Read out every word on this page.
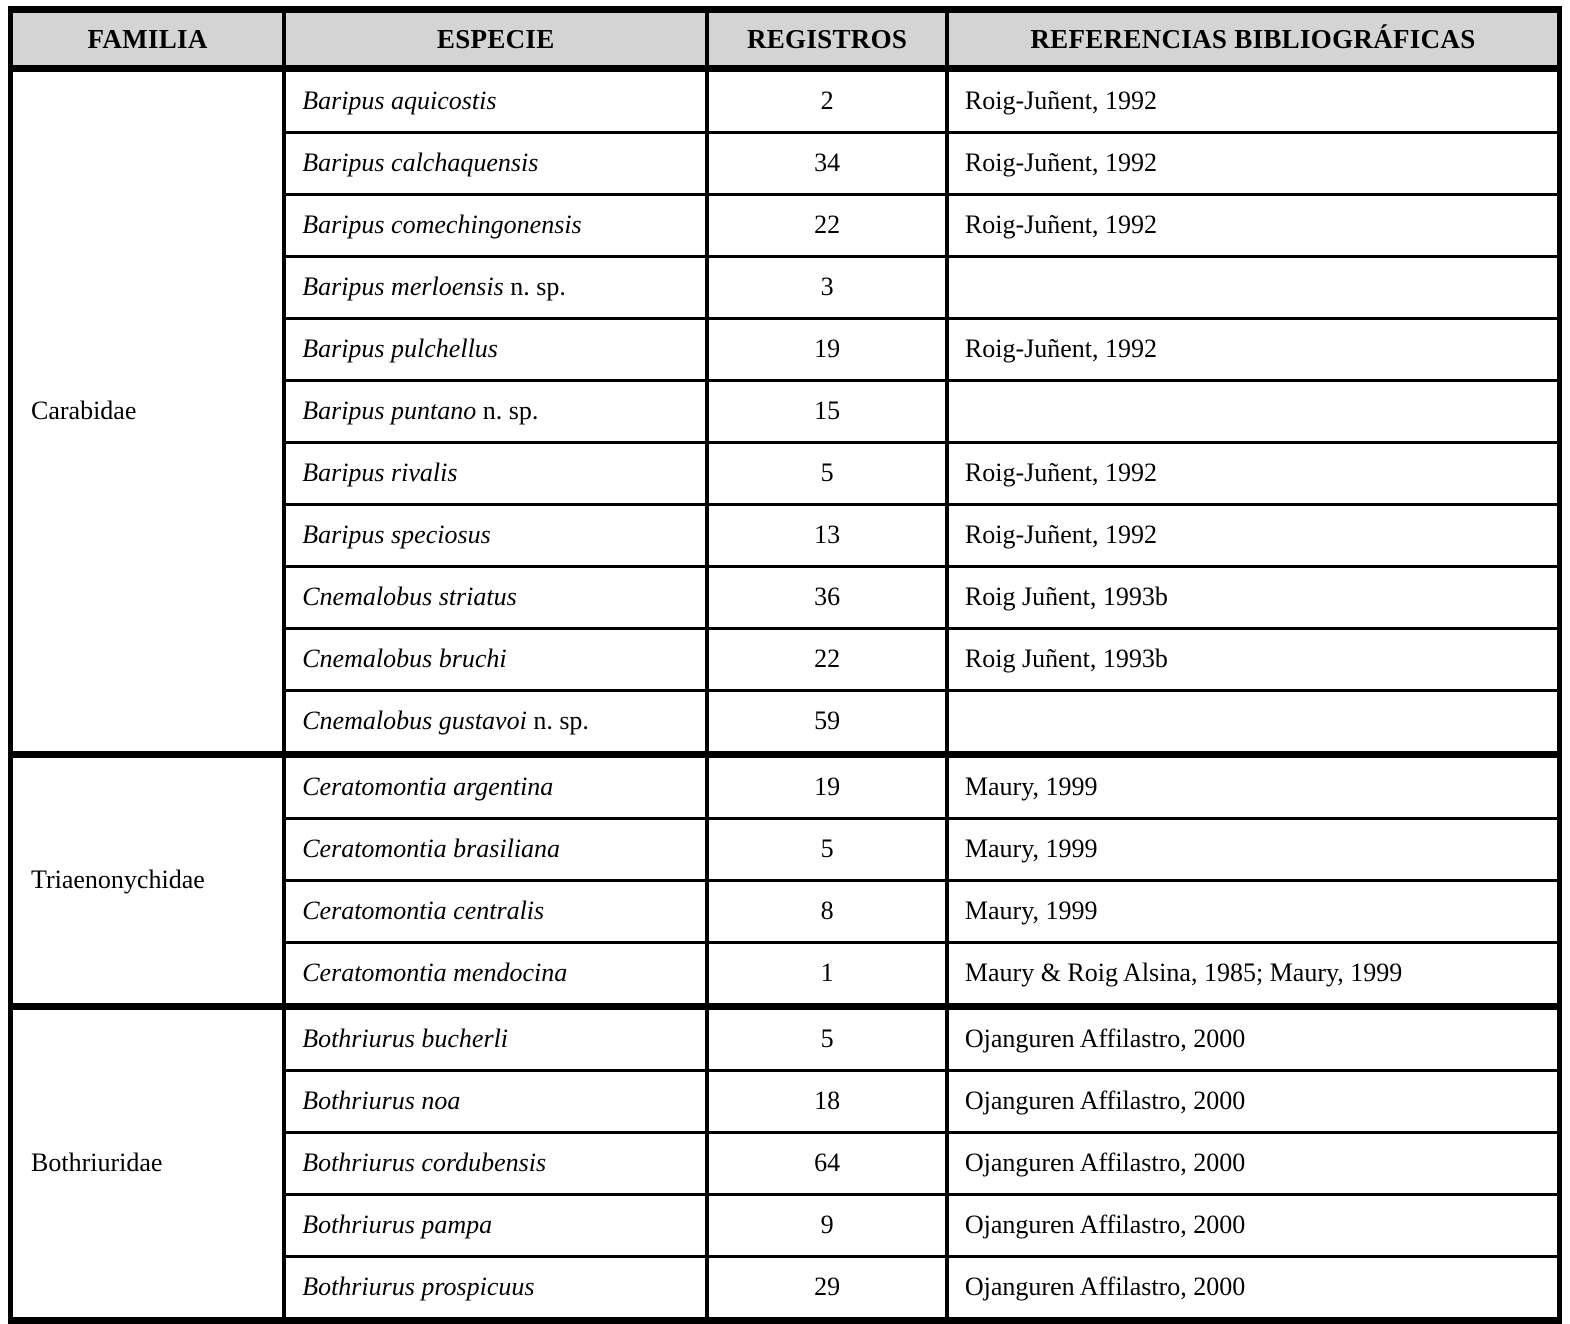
FAMILIA	ESPECIE	REGISTROS	REFERENCIAS BIBLIOGRÁFICAS
Carabidae	Baripus aquicostis	2	Roig-Juñent, 1992
	Baripus calchaquensis	34	Roig-Juñent, 1992
	Baripus comechingonensis	22	Roig-Juñent, 1992
	Baripus merloensis n. sp.	3	
	Baripus pulchellus	19	Roig-Juñent, 1992
	Baripus puntano n. sp.	15	
	Baripus rivalis	5	Roig-Juñent, 1992
	Baripus speciosus	13	Roig-Juñent, 1992
	Cnemalobus striatus	36	Roig Juñent, 1993b
	Cnemalobus bruchi	22	Roig Juñent, 1993b
	Cnemalobus gustavoi n. sp.	59	
Triaenonychidae	Ceratomontia argentina	19	Maury, 1999
	Ceratomontia brasiliana	5	Maury, 1999
	Ceratomontia centralis	8	Maury, 1999
	Ceratomontia mendocina	1	Maury & Roig Alsina, 1985; Maury, 1999
Bothriuridae	Bothriurus bucherli	5	Ojanguren Affilastro, 2000
	Bothriurus noa	18	Ojanguren Affilastro, 2000
	Bothriurus cordubensis	64	Ojanguren Affilastro, 2000
	Bothriurus pampa	9	Ojanguren Affilastro, 2000
	Bothriurus prospicuus	29	Ojanguren Affilastro, 2000
